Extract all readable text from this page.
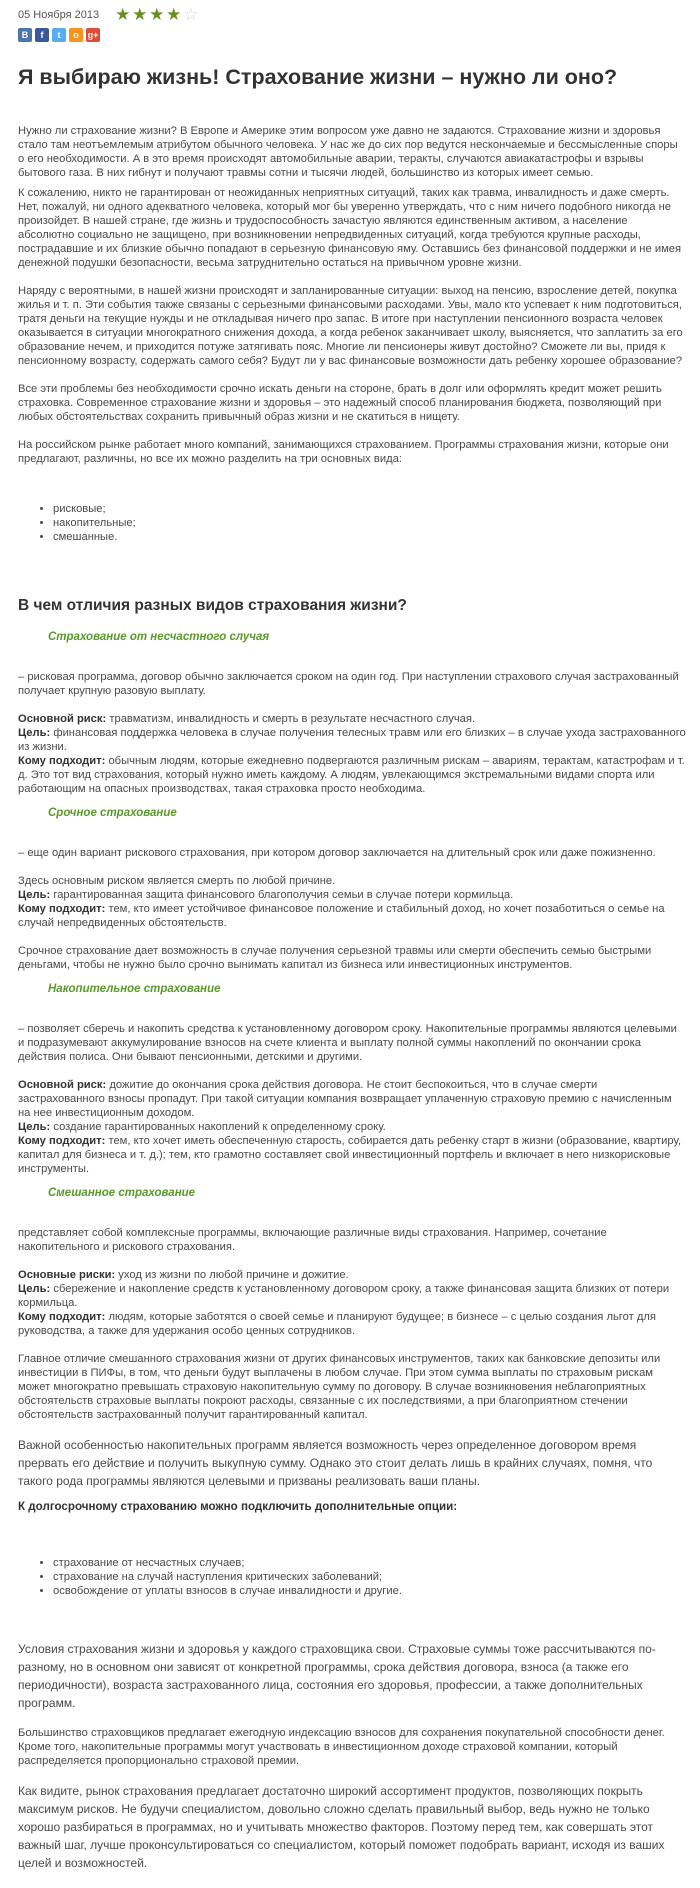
05 Ноября 2013 ★ ★ ★ ★ ☆
В	f	t	о g+
Я выбираю жизнь! Страхование жизни – нужно ли оно?

Нужно ли страхование жизни? В Европе и Америке этим вопросом уже давно не задаются. Страхование жизни и здоровья стало там неотъемлемым атрибутом обычного человека. У нас же до сих пор ведутся нескончаемые и бессмысленные споры о его необходимости. А в это время происходят автомобильные аварии, теракты, случаются авиакатастрофы и взрывы бытового газа. В них гибнут и получают травмы сотни и тысячи людей, большинство из которых имеет семью.

К сожалению, никто не гарантирован от неожиданных неприятных ситуаций, таких как травма, инвалидность и даже смерть. Нет, пожалуй, ни одного адекватного человека, который мог бы уверенно утверждать, что с ним ничего подобного никогда не произойдет. В нашей стране, где жизнь и трудоспособность зачастую являются единственным активом, а население абсолютно социально не защищено, при возникновении непредвиденных ситуаций, когда требуются крупные расходы, пострадавшие и их близкие обычно попадают в серьезную финансовую яму. Оставшись без финансовой поддержки и не имея денежной подушки безопасности, весьма затруднительно остаться на привычном уровне жизни.

Наряду с вероятными, в нашей жизни происходят и запланированные ситуации: выход на пенсию, взросление детей, покупка жилья и т. п. Эти события также связаны с серьезными финансовыми расходами. Увы, мало кто успевает к ним подготовиться, тратя деньги на текущие нужды и не откладывая ничего про запас. В итоге при наступлении пенсионного возраста человек оказывается в ситуации многократного снижения дохода, а когда ребенок заканчивает школу, выясняется, что заплатить за его образование нечем, и приходится потуже затягивать пояс. Многие ли пенсионеры живут достойно? Сможете ли вы, придя к пенсионному возрасту, содержать самого себя? Будут ли у вас финансовые возможности дать ребенку хорошее образование?

Все эти проблемы без необходимости срочно искать деньги на стороне, брать в долг или оформлять кредит может решить страховка. Современное страхование жизни и здоровья – это надежный способ планирования бюджета, позволяющий при любых обстоятельствах сохранить привычный образ жизни и не скатиться в нищету.

На российском рынке работает много компаний, занимающихся страхованием. Программы страхования жизни, которые они предлагают, различны, но все их можно разделить на три основных вида:

• рисковые;
• накопительные;
• смешанные.
В чем отличия разных видов страхования жизни?
Страхование от несчастного случая

– рисковая программа, договор обычно заключается сроком на один год. При наступлении страхового случая застрахованный получает крупную разовую выплату.

Основной риск: травматизм, инвалидность и смерть в результате несчастного случая.
Цель: финансовая поддержка человека в случае получения телесных травм или его близких – в случае ухода застрахованного из жизни.
Кому подходит: обычным людям, которые ежедневно подвергаются различным рискам – авариям, терактам, катастрофам и т. д. Это тот вид страхования, который нужно иметь каждому. А людям, увлекающимся экстремальными видами спорта или работающим на опасных производствах, такая страховка просто необходима.

Срочное страхование

– еще один вариант рискового страхования, при котором договор заключается на длительный срок или даже пожизненно.

Здесь основным риском является смерть по любой причине.
Цель: гарантированная защита финансового благополучия семьи в случае потери кормильца.
Кому подходит: тем, кто имеет устойчивое финансовое положение и стабильный доход, но хочет позаботиться о семье на случай непредвиденных обстоятельств.

Срочное страхование дает возможность в случае получения серьезной травмы или смерти обеспечить семью быстрыми деньгами, чтобы не нужно было срочно вынимать капитал из бизнеса или инвестиционных инструментов.

Накопительное страхование

– позволяет сберечь и накопить средства к установленному договором сроку. Накопительные программы являются целевыми и подразумевают аккумулирование взносов на счете клиента и выплату полной суммы накоплений по окончании срока действия полиса. Они бывают пенсионными, детскими и другими.

Основной риск: дожитие до окончания срока действия договора. Не стоит беспокоиться, что в случае смерти застрахованного взносы пропадут. При такой ситуации компания возвращает уплаченную страховую премию с начисленным на нее инвестиционным доходом.
Цель: создание гарантированных накоплений к определенному сроку.
Кому подходит: тем, кто хочет иметь обеспеченную старость, собирается дать ребенку старт в жизни (образование, квартиру, капитал для бизнеса и т. д.); тем, кто грамотно составляет свой инвестиционный портфель и включает в него низкорисковые инструменты.

Смешанное страхование

представляет собой комплексные программы, включающие различные виды страхования. Например, сочетание накопительного и рискового страхования.

Основные риски: уход из жизни по любой причине и дожитие.
Цель: сбережение и накопление средств к установленному договором сроку, а также финансовая защита близких от потери кормильца.
Кому подходит: людям, которые заботятся о своей семье и планируют будущее; в бизнесе – с целью создания льгот для руководства, а также для удержания особо ценных сотрудников.

Главное отличие смешанного страхования жизни от других финансовых инструментов, таких как банковские депозиты или инвестиции в ПИФы, в том, что деньги будут выплачены в любом случае. При этом сумма выплаты по страховым рискам может многократно превышать страховую накопительную сумму по договору. В случае возникновения неблагоприятных обстоятельств страховые выплаты покроют расходы, связанные с их последствиями, а при благоприятном стечении обстоятельств застрахованный получит гарантированный капитал.

Важной особенностью накопительных программ является возможность через определенное договором время прервать его действие и получить выкупную сумму. Однако это стоит делать лишь в крайних случаях, помня, что такого рода программы являются целевыми и призваны реализовать ваши планы.

К долгосрочному страхованию можно подключить дополнительные опции:

• страхование от несчастных случаев;
• страхование на случай наступления критических заболеваний;
• освобождение от уплаты взносов в случае инвалидности и другие.

Условия страхования жизни и здоровья у каждого страховщика свои. Страховые суммы тоже рассчитываются по-разному, но в основном они зависят от конкретной программы, срока действия договора, взноса (а также его периодичности), возраста застрахованного лица, состояния его здоровья, профессии, а также дополнительных программ.

Большинство страховщиков предлагает ежегодную индексацию взносов для сохранения покупательной способности денег. Кроме того, накопительные программы могут участвовать в инвестиционном доходе страховой компании, который распределяется пропорционально страховой премии.

Как видите, рынок страхования предлагает достаточно широкий ассортимент продуктов, позволяющих покрыть максимум рисков. Не будучи специалистом, довольно сложно сделать правильный выбор, ведь нужно не только хорошо разбираться в программах, но и учитывать множество факторов. Поэтому перед тем, как совершать этот важный шаг, лучше проконсультироваться со специалистом, который поможет подобрать вариант, исходя из ваших целей и возможностей.
